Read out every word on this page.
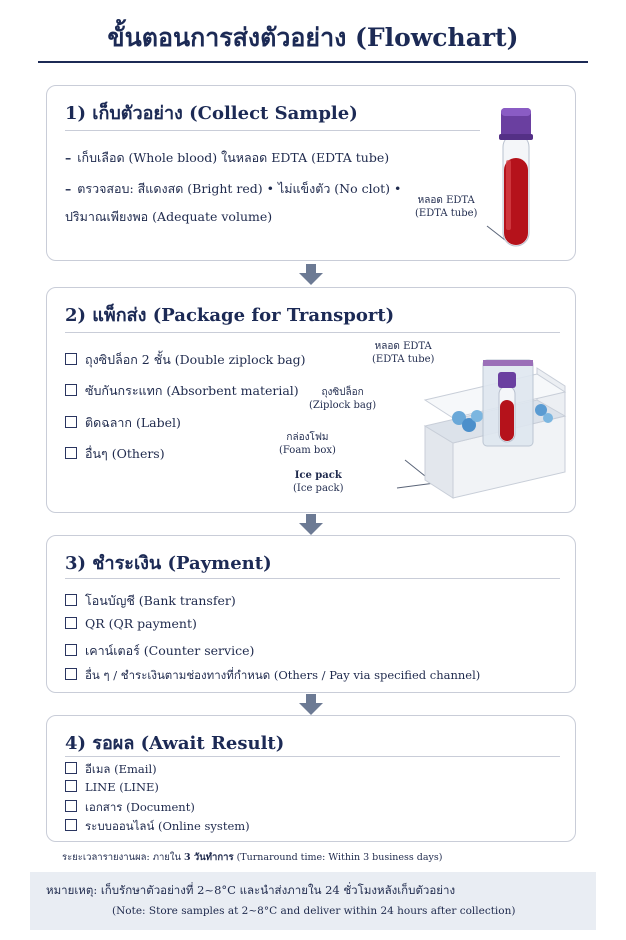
ขั้นตอนการส่งตัวอย่าง (Flowchart)
1) เก็บตัวอย่าง (Collect Sample)
– เก็บเลือด (Whole blood) ในหลอด EDTA (EDTA tube)
– ตรวจสอบ: สีแดงสด (Bright red) • ไม่แข็งตัว (No clot) •
ปริมาณเพียงพอ (Adequate volume)
หลอด EDTA
(EDTA tube)
2) แพ็กส่ง (Package for Transport)
ถุงซิปล็อก 2 ชั้น (Double ziplock bag)
ซับกันกระแทก (Absorbent material)
ติดฉลาก (Label)
อื่นๆ (Others)
หลอด EDTA
(EDTA tube)
ถุงซิปล็อก
(Ziplock bag)
กล่องโฟม
(Foam box)
Ice pack
(Ice pack)
3) ชำระเงิน (Payment)
โอนบัญชี (Bank transfer)
QR (QR payment)
เคาน์เตอร์ (Counter service)
อื่น ๆ / ชำระเงินตามช่องทางที่กำหนด (Others / Pay via specified channel)
4) รอผล (Await Result)
อีเมล (Email)
LINE (LINE)
เอกสาร (Document)
ระบบออนไลน์ (Online system)
ระยะเวลารายงานผล: ภายใน 3 วันทำการ (Turnaround time: Within 3 business days)
หมายเหตุ: เก็บรักษาตัวอย่างที่ 2~8°C และนำส่งภายใน 24 ชั่วโมงหลังเก็บตัวอย่าง
(Note: Store samples at 2~8°C and deliver within 24 hours after collection)
